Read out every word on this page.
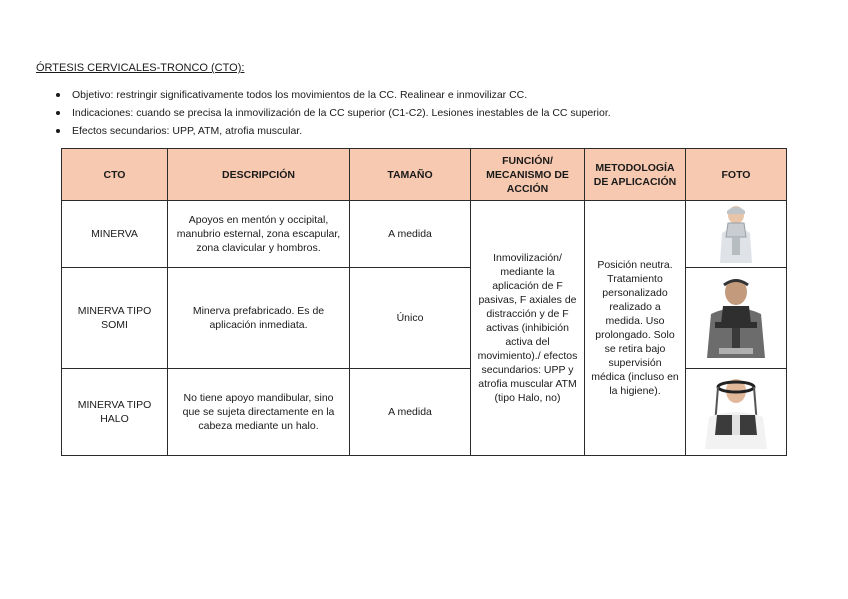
ÓRTESIS CERVICALES-TRONCO (CTO):
Objetivo: restringir significativamente todos los movimientos de la CC. Realinear e inmovilizar CC.
Indicaciones: cuando se precisa la inmovilización de la CC superior (C1-C2). Lesiones inestables de la CC superior.
Efectos secundarios: UPP, ATM, atrofia muscular.
CTO	DESCRIPCIÓN	TAMAÑO	FUNCIÓN/ MECANISMO DE ACCIÓN	METODOLOGÍA DE APLICACIÓN	FOTO
MINERVA	Apoyos en mentón y occipital, manubrio esternal, zona escapular, zona clavicular y hombros.	A medida	Inmovilización/ mediante la aplicación de F pasivas, F axiales de distracción y de F activas (inhibición activa del movimiento)./ efectos secundarios: UPP y atrofia muscular ATM (tipo Halo, no)	Posición neutra. Tratamiento personalizado realizado a medida. Uso prolongado. Solo se retira bajo supervisión médica (incluso en la higiene).	

MINERVA TIPO SOMI	Minerva prefabricado. Es de aplicación inmediata.	Único	

MINERVA TIPO HALO	No tiene apoyo mandibular, sino que se sujeta directamente en la cabeza mediante un halo.	A medida	
